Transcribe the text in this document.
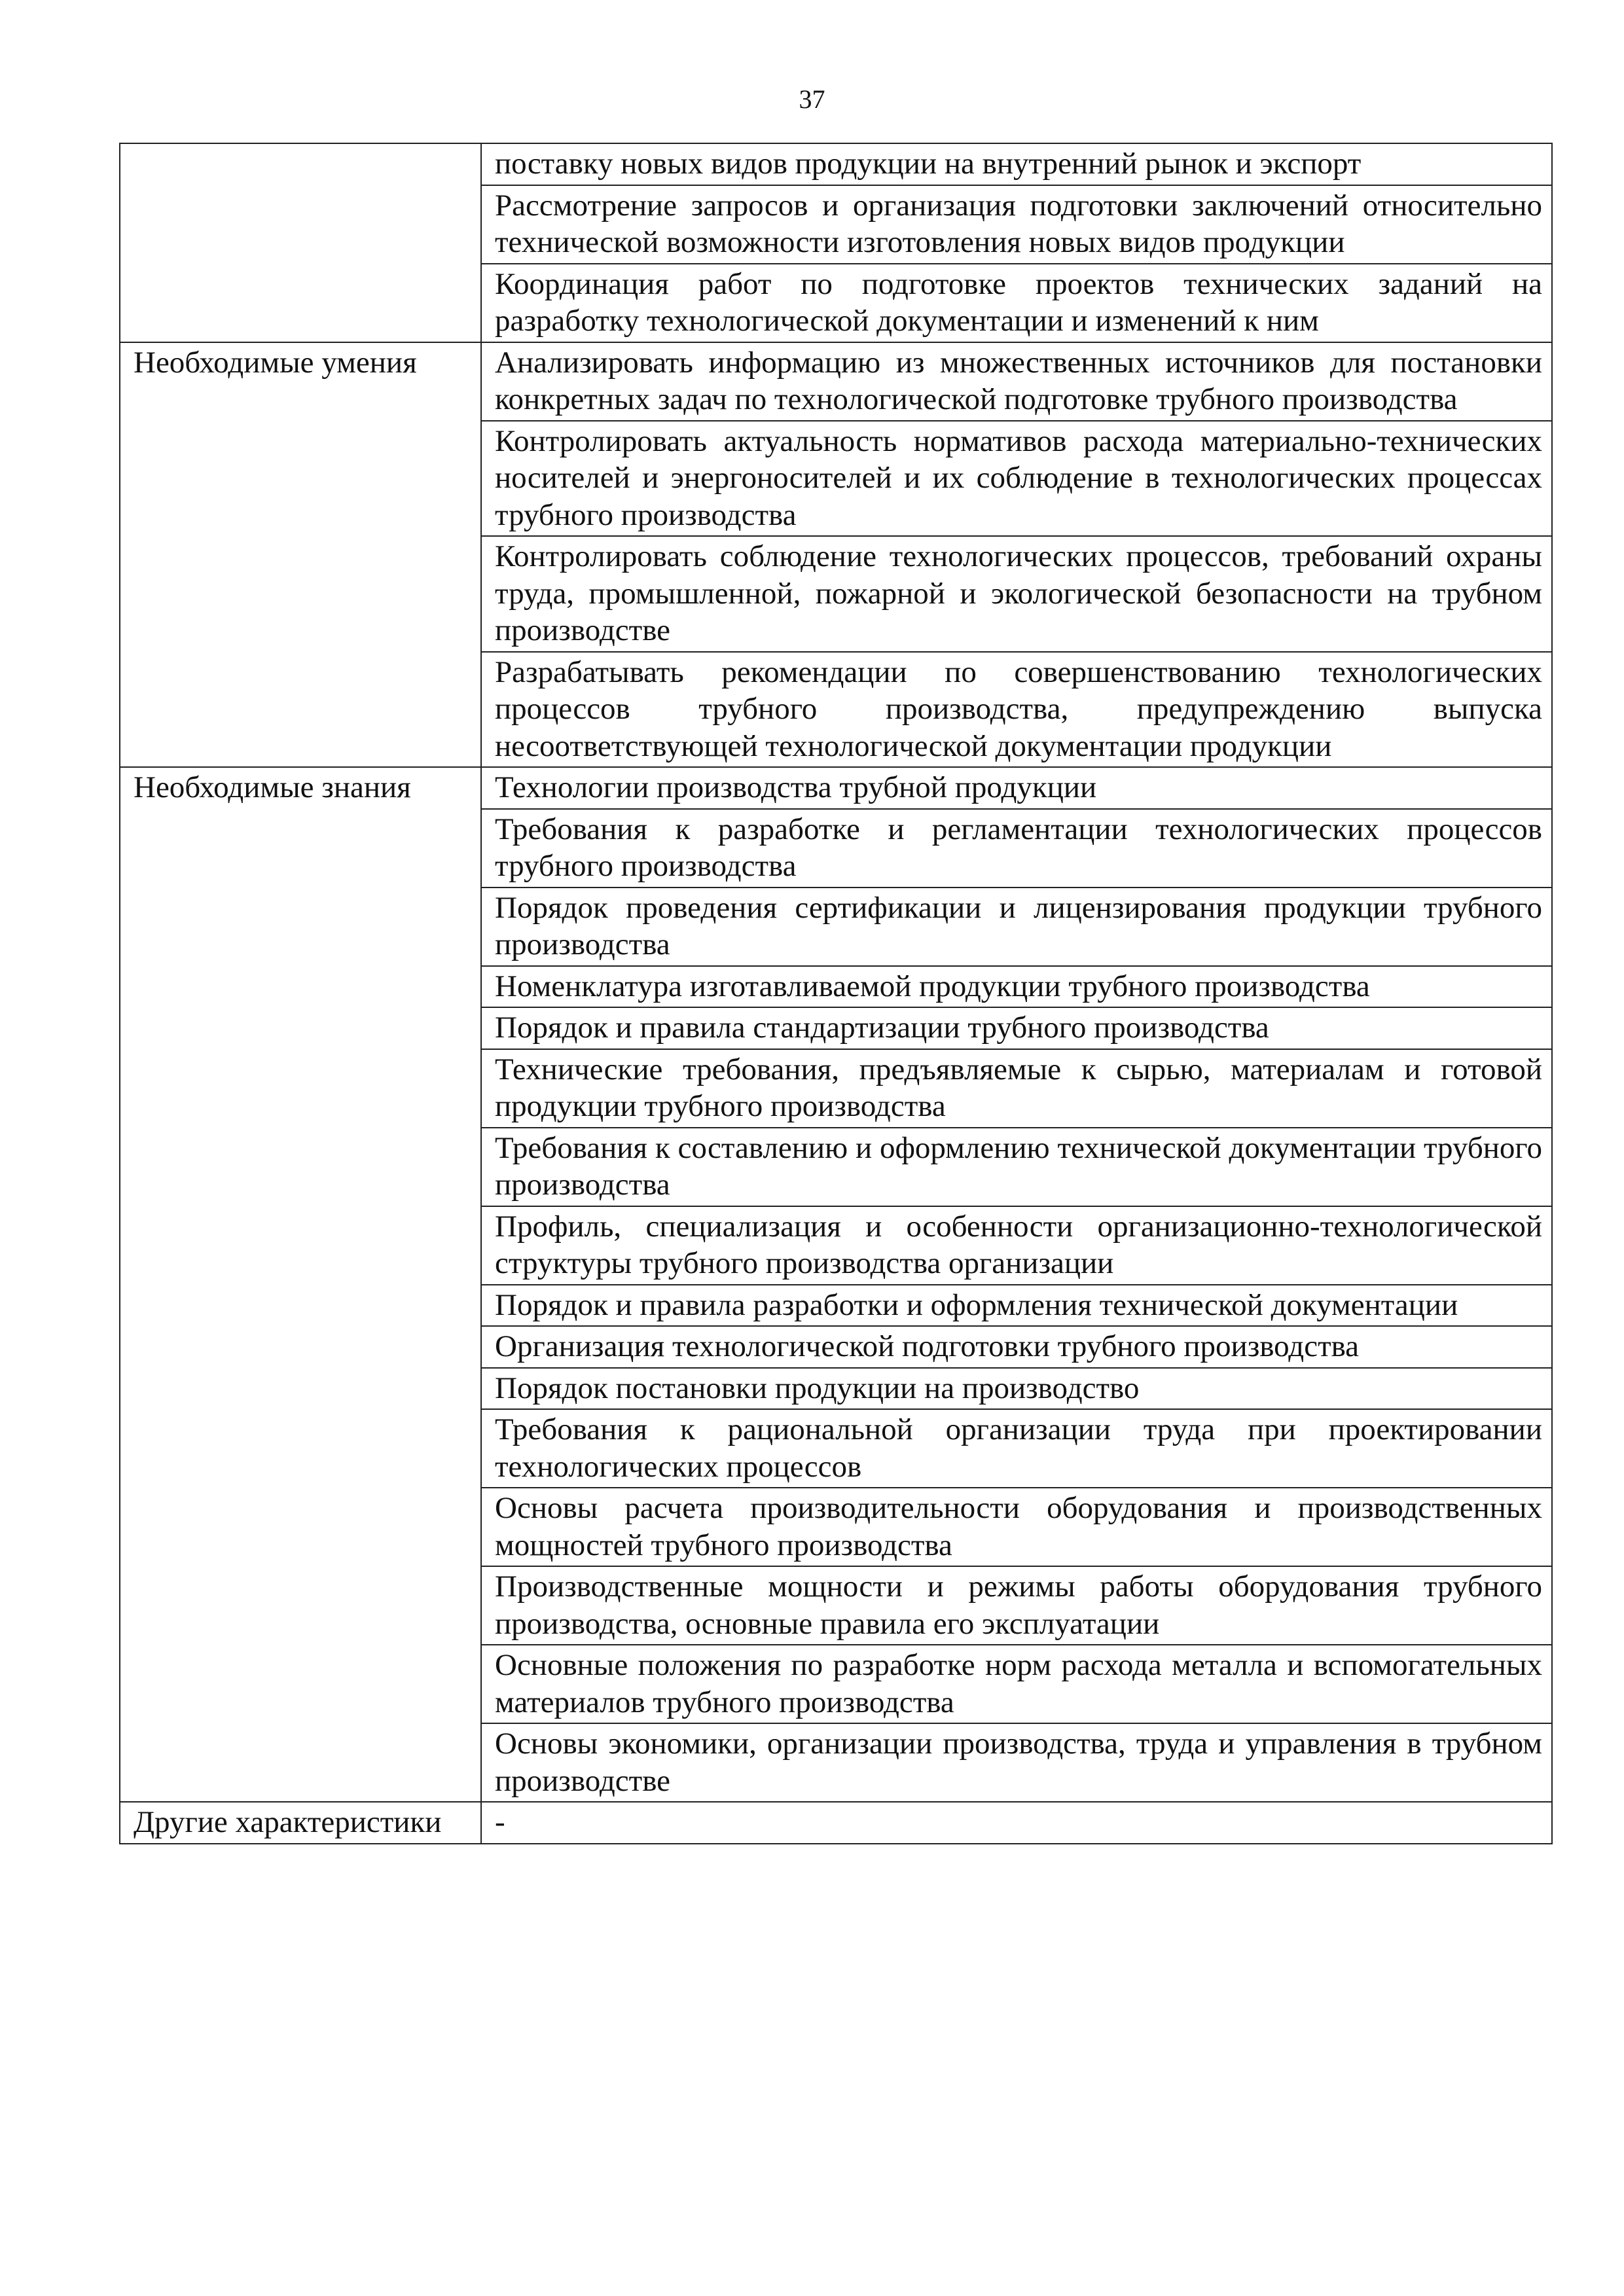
37
	поставку новых видов продукции на внутренний рынок и экспорт
	Рассмотрение запросов и организация подготовки заключений относительно технической возможности изготовления новых видов продукции
	Координация работ по подготовке проектов технических заданий на разработку технологической документации и изменений к ним
Необходимые умения	Анализировать информацию из множественных источников для постановки конкретных задач по технологической подготовке трубного производства
	Контролировать актуальность нормативов расхода материально-технических носителей и энергоносителей и их соблюдение в технологических процессах трубного производства
	Контролировать соблюдение технологических процессов, требований охраны труда, промышленной, пожарной и экологической безопасности на трубном производстве
	Разрабатывать рекомендации по совершенствованию технологических процессов трубного производства, предупреждению выпуска несоответствующей технологической документации продукции
Необходимые знания	Технологии производства трубной продукции
	Требования к разработке и регламентации технологических процессов трубного производства
	Порядок проведения сертификации и лицензирования продукции трубного производства
	Номенклатура изготавливаемой продукции трубного производства
	Порядок и правила стандартизации трубного производства
	Технические требования, предъявляемые к сырью, материалам и готовой продукции трубного производства
	Требования к составлению и оформлению технической документации трубного производства
	Профиль, специализация и особенности организационно-технологической структуры трубного производства организации
	Порядок и правила разработки и оформления технической документации
	Организация технологической подготовки трубного производства
	Порядок постановки продукции на производство
	Требования к рациональной организации труда при проектировании технологических процессов
	Основы расчета производительности оборудования и производственных мощностей трубного производства
	Производственные мощности и режимы работы оборудования трубного производства, основные правила его эксплуатации
	Основные положения по разработке норм расхода металла и вспомогательных материалов трубного производства
	Основы экономики, организации производства, труда и управления в трубном производстве
Другие характеристики	-
